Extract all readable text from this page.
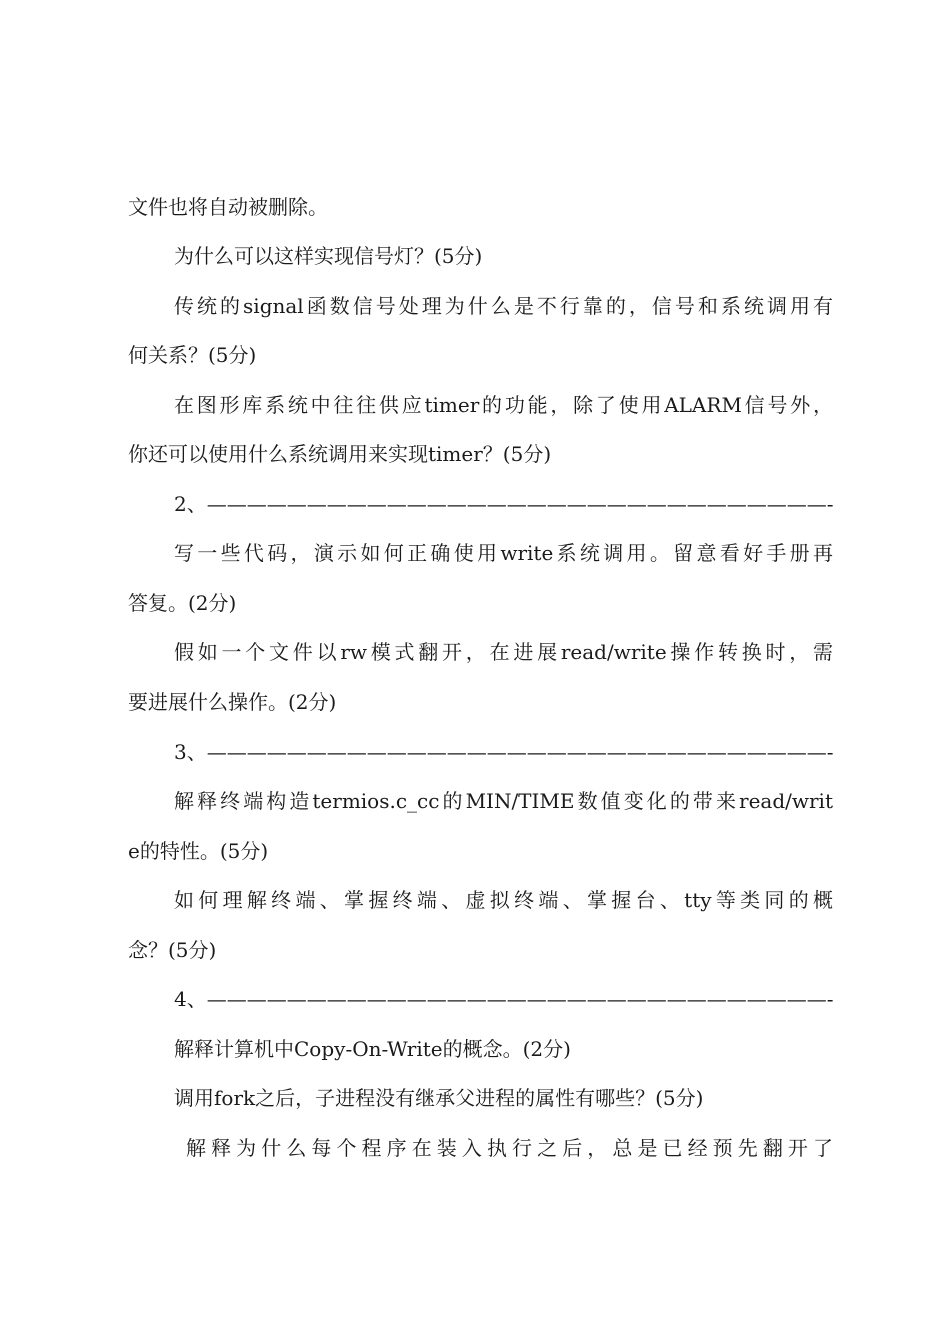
文件也将自动被删除。
为什么可以这样实现信号灯？(5分)
传统的signal函数信号处理为什么是不行靠的，信号和系统调用有
何关系？(5分)
在图形库系统中往往供应timer的功能，除了使用ALARM信号外，
你还可以使用什么系统调用来实现timer？(5分)
2、———————————————————————————————-
写一些代码，演示如何正确使用write系统调用。留意看好手册再
答复。(2分)
假如一个文件以rw模式翻开，在进展read/write操作转换时，需
要进展什么操作。(2分)
3、———————————————————————————————-
解释终端构造termios.c_cc的MIN/TIME数值变化的带来read/writ
e的特性。(5分)
如何理解终端、掌握终端、虚拟终端、掌握台、tty等类同的概
念？(5分)
4、———————————————————————————————-
解释计算机中Copy-On-Write的概念。(2分)
调用fork之后，子进程没有继承父进程的属性有哪些？(5分)
解释为什么每个程序在装入执行之后，总是已经预先翻开了
